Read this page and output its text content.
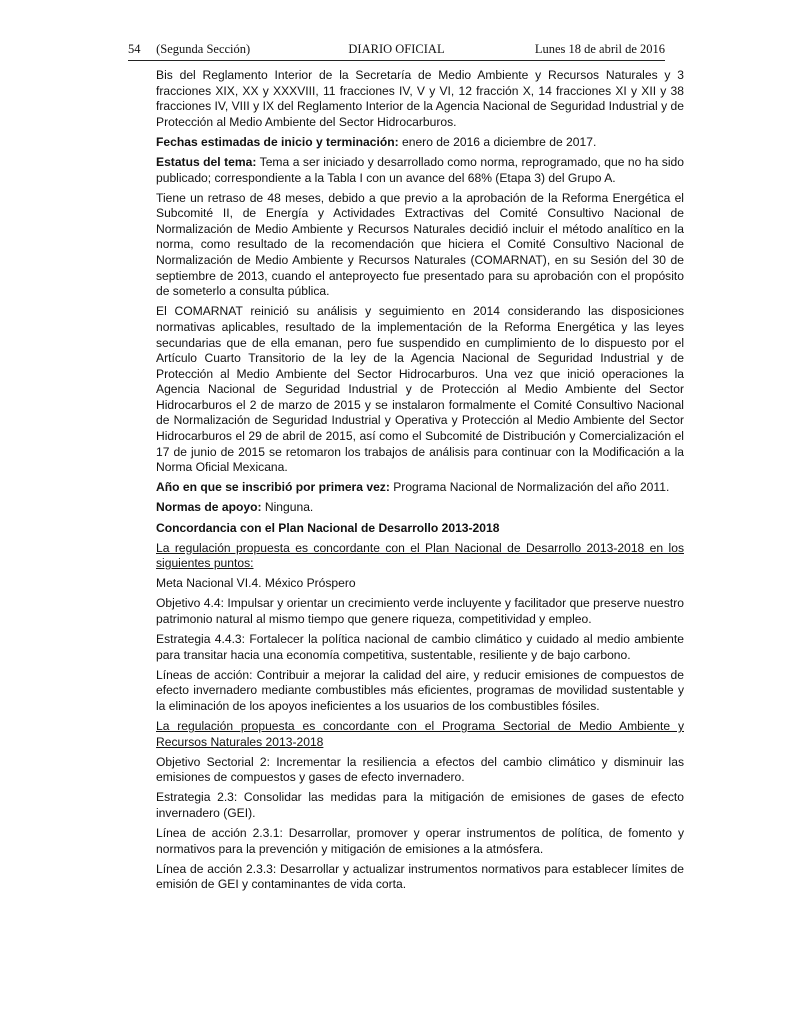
54     (Segunda Sección)	DIARIO OFICIAL	Lunes 18 de abril de 2016

Bis del Reglamento Interior de la Secretaría de Medio Ambiente y Recursos Naturales y 3 fracciones XIX, XX y XXXVIII, 11 fracciones IV, V y VI, 12 fracción X, 14 fracciones XI y XII y 38 fracciones IV, VIII y IX del Reglamento Interior de la Agencia Nacional de Seguridad Industrial y de Protección al Medio Ambiente del Sector Hidrocarburos.

Fechas estimadas de inicio y terminación: enero de 2016 a diciembre de 2017.

Estatus del tema: Tema a ser iniciado y desarrollado como norma, reprogramado, que no ha sido publicado; correspondiente a la Tabla I con un avance del 68% (Etapa 3) del Grupo A.

Tiene un retraso de 48 meses, debido a que previo a la aprobación de la Reforma Energética el Subcomité II, de Energía y Actividades Extractivas del Comité Consultivo Nacional de Normalización de Medio Ambiente y Recursos Naturales decidió incluir el método analítico en la norma, como resultado de la recomendación que hiciera el Comité Consultivo Nacional de Normalización de Medio Ambiente y Recursos Naturales (COMARNAT), en su Sesión del 30 de septiembre de 2013, cuando el anteproyecto fue presentado para su aprobación con el propósito de someterlo a consulta pública.

El COMARNAT reinició su análisis y seguimiento en 2014 considerando las disposiciones normativas aplicables, resultado de la implementación de la Reforma Energética y las leyes secundarias que de ella emanan, pero fue suspendido en cumplimiento de lo dispuesto por el Artículo Cuarto Transitorio de la ley de la Agencia Nacional de Seguridad Industrial y de Protección al Medio Ambiente del Sector Hidrocarburos. Una vez que inició operaciones la Agencia Nacional de Seguridad Industrial y de Protección al Medio Ambiente del Sector Hidrocarburos el 2 de marzo de 2015 y se instalaron formalmente el Comité Consultivo Nacional de Normalización de Seguridad Industrial y Operativa y Protección al Medio Ambiente del Sector Hidrocarburos el 29 de abril de 2015, así como el Subcomité de Distribución y Comercialización el 17 de junio de 2015 se retomaron los trabajos de análisis para continuar con la Modificación a la Norma Oficial Mexicana.

Año en que se inscribió por primera vez: Programa Nacional de Normalización del año 2011.

Normas de apoyo: Ninguna.

Concordancia con el Plan Nacional de Desarrollo 2013-2018

La regulación propuesta es concordante con el Plan Nacional de Desarrollo 2013-2018 en los siguientes puntos:

Meta Nacional VI.4. México Próspero

Objetivo 4.4: Impulsar y orientar un crecimiento verde incluyente y facilitador que preserve nuestro patrimonio natural al mismo tiempo que genere riqueza, competitividad y empleo.

Estrategia 4.4.3: Fortalecer la política nacional de cambio climático y cuidado al medio ambiente para transitar hacia una economía competitiva, sustentable, resiliente y de bajo carbono.

Líneas de acción: Contribuir a mejorar la calidad del aire, y reducir emisiones de compuestos de efecto invernadero mediante combustibles más eficientes, programas de movilidad sustentable y la eliminación de los apoyos ineficientes a los usuarios de los combustibles fósiles.

La regulación propuesta es concordante con el Programa Sectorial de Medio Ambiente y Recursos Naturales 2013-2018

Objetivo Sectorial 2: Incrementar la resiliencia a efectos del cambio climático y disminuir las emisiones de compuestos y gases de efecto invernadero.

Estrategia 2.3: Consolidar las medidas para la mitigación de emisiones de gases de efecto invernadero (GEI).

Línea de acción 2.3.1: Desarrollar, promover y operar instrumentos de política, de fomento y normativos para la prevención y mitigación de emisiones a la atmósfera.

Línea de acción 2.3.3: Desarrollar y actualizar instrumentos normativos para establecer límites de emisión de GEI y contaminantes de vida corta.
